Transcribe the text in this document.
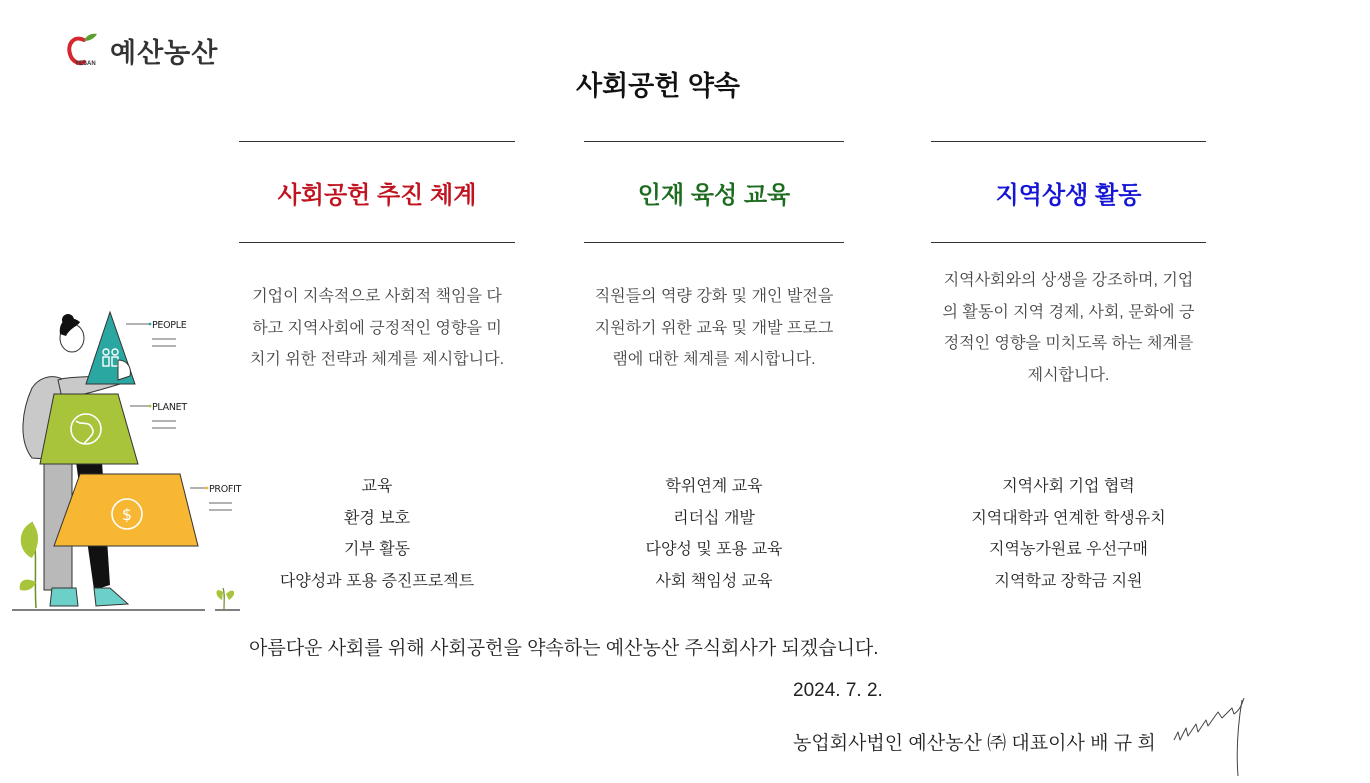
YESAN 예산농산
사회공헌 약속
사회공헌 추진 체계
기업이 지속적으로 사회적 책임을 다
하고 지역사회에 긍정적인 영향을 미
치기 위한 전략과 체계를 제시합니다.
교육
환경 보호
기부 활동
다양성과 포용 증진프로젝트
인재 육성 교육
직원들의 역량 강화 및 개인 발전을
지원하기 위한 교육 및 개발 프로그
램에 대한 체계를 제시합니다.
학위연계 교육
리더십 개발
다양성 및 포용 교육
사회 책임성 교육
지역상생 활동
지역사회와의 상생을 강조하며, 기업
의 활동이 지역 경제, 사회, 문화에 긍
정적인 영향을 미치도록 하는 체계를
제시합니다.
지역사회 기업 협력
지역대학과 연계한 학생유치
지역농가원료 우선구매
지역학교 장학금 지원
$
PEOPLE
PLANET
PROFIT
아름다운 사회를 위해 사회공헌을 약속하는 예산농산 주식회사가 되겠습니다.
2024. 7. 2.
농업회사법인 예산농산 ㈜ 대표이사 배 규 희
